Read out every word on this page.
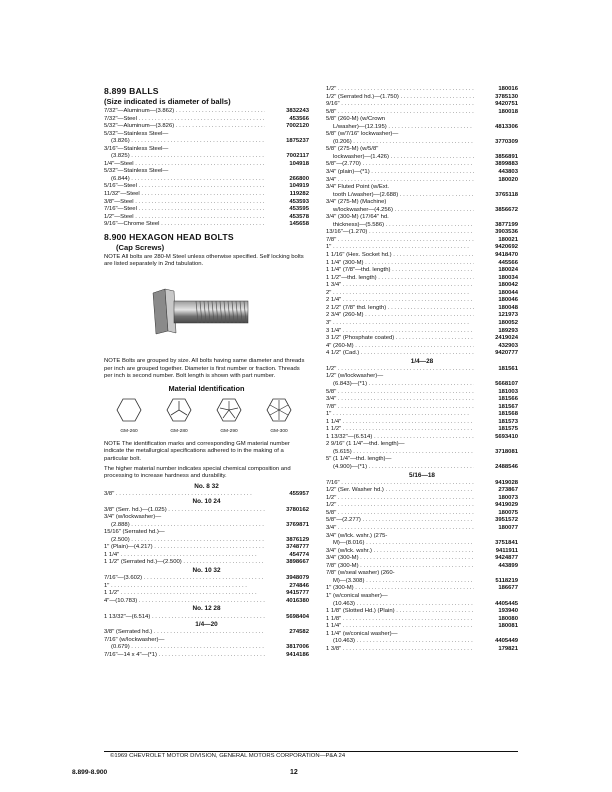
8.899 BALLS
(Size indicated is diameter of balls)
7/32"—Aluminum—(3.862) . . .	3832243
7/32"—Steel . . .	453566
5/32"—Aluminum—(3.826) . . .	7002120
5/32"—Stainless Steel—
(3.826) . . .	1875237
3/16"—Stainless Steel—
(3.825) . . .	7002117
1/4"—Steel . . .	104918
5/32"—Stainless Steel—
(6.844) . . .	266800
5/16"—Steel . . .	104919
11/32"—Steel . . .	119282
3/8"—Steel . . .	453593
7/16"—Steel . . .	453595
1/2"—Steel . . .	453578
9/16"—Chrome Steel . . .	145658
8.900 HEXAGON HEAD BOLTS
(Cap Screws)
NOTE All bolts are 280-M Steel unless otherwise specified. Self locking bolts are listed separately in 2nd tabulation.
NOTE Bolts are grouped by size. All bolts having same diameter and threads per inch are grouped together. Diameter is first number or fraction. Threads per inch is second number. Bolt length is shown with part number.
Material Identification
GM-260	GM-280	GM-290	GM-300
NOTE The identification marks and corresponding GM material number indicate the metallurgical specifications adhered to in the making of a particular bolt.
The higher material number indicates special chemical composition and processing to increase hardness and durability.
No. 8 32
3/8" . . .	455957
No. 10 24
3/8" (Serr. hd.)—(1.025) . . .	3780162
3/4" (w/lockwasher)—
(2.888) . . .	3769871
15/16" (Serrated hd.)—
(2.500) . . .	3876129
1" (Plain)—(4.217) . . .	3748777
1 1/4" . . .	454774
1 1/2" (Serrated hd.)—(2.500) . . .	3898667
No. 10 32
7/16"—(3.602) . . .	3948079
1" . . .	274846
1 1/2" . . .	9415777
4"—(10.783) . . .	4016380
No. 12 28
1 13/32"—(6.514) . . .	5698404
1/4—20
3/8" (Serrated hd.) . . .	274582
7/16" (w/lockwasher)—
(0.679) . . .	3817006
7/16"—14 x 4"—(*1) . . .	9414186
1/2" . . .	180016
1/2" (Serrated hd.)—(1.750) . . .	3785130
9/16" . . .	9420751
5/8" . . .	180018
5/8" (260-M) (w/Crown
L/washer)—(12.195) . . .	4813306
5/8" (w/7/16" lockwasher)—
(0.206) . . .	3770309
5/8" (275-M) (w/5/8"
lockwasher)—(1.426) . . .	3856891
5/8"—(2.770) . . .	3899883
3/4" (plain)—(*1) . . .	443803
3/4" . . .	180020
3/4" Fluted Point (w/Ext.
tooth L/washer)—(2.688) . . .	3765118
3/4" (275-M) (Machine)
w/lockwasher—(4.256) . . .	3856672
3/4" (300-M) (17/64" hd.
thickness)—(5.586) . . .	3877199
13/16"—(1.270) . . .	3903536
7/8" . . .	180021
1" . . .	9420692
1 1/16" (Hex. Socket hd.) . . .	9418470
1 1/4" (300-M) . . .	445566
1 1/4" (7/8"—thd. length) . . .	180024
1 1/2"—thd. length) . . .	180034
1 3/4" . . .	180042
2" . . .	180044
2 1/4" . . .	180046
2 1/2" (7/8" thd. length) . . .	180048
2 3/4" (260-M) . . .	121973
3" . . .	180052
3 1/4" . . .	189293
3 1/2" (Phosphate coated) . . .	2419024
4" (260-M) . . .	432903
4 1/2" (Cad.) . . .	9420777
1/4—28
1/2" . . .	181561
1/2" (w/lockwasher)—
(6.843)—(*1) . . .	5668107
5/8" . . .	181003
3/4" . . .	181566
7/8" . . .	181567
1" . . .	181568
1 1/4" . . .	181573
1 1/2" . . .	181575
1 13/32"—(6.514) . . .	5693410
2 9/16" (1 1/4"—thd. length)—
(5.615) . . .	3718081
5" (1 1/4"—thd. length)—
(4.900)—(*1) . . .	2488546
5/16—18
7/16" . . .	9419028
1/2" (Ser. Washer hd.) . . .	273867
1/2" . . .	180073
1/2" . . .	9419029
5/8" . . .	180075
5/8"—(2.277) . . .	3951572
3/4" . . .	180077
3/4" (w/lck. wshr.) (275-
M)—(8.016) . . .	3751841
3/4" (w/lck. wshr.) . . .	9411911
3/4" (300-M) . . .	9424877
7/8" (300-M) . . .	443899
7/8" (w/seal washer) (260-
M)—(3.308) . . .	5118219
1" (300-M) . . .	186677
1" (w/conical washer)—
(10.463) . . .	4405445
1 1/8" (Slotted Hd.) (Plain) . . .	193940
1 1/8" . . .	180080
1 1/4" . . .	180081
1 1/4" (w/conical washer)—
(10.463) . . .	4405449
1 3/8" . . .	179821
©1969 CHEVROLET MOTOR DIVISION, GENERAL MOTORS CORPORATION—P&A 24
8.899-8.900	12
